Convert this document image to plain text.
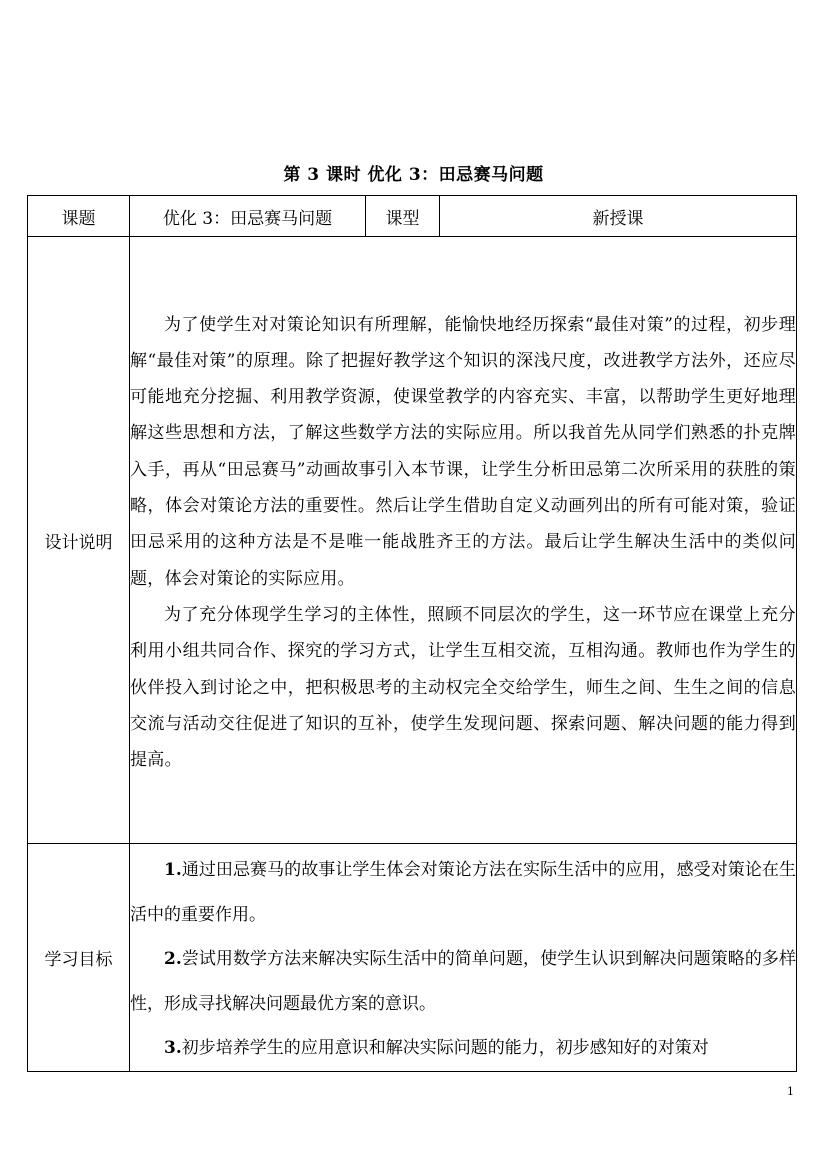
第 3 课时 优化 3：田忌赛马问题
课题	优化 3：田忌赛马问题	课型	新授课
设计说明	为了使学生对对策论知识有所理解，能愉快地经历探索“最佳对策”的过程，初步理解“最佳对策”的原理。除了把握好教学这个知识的深浅尺度，改进教学方法外，还应尽可能地充分挖掘、利用教学资源，使课堂教学的内容充实、丰富，以帮助学生更好地理解这些思想和方法，了解这些数学方法的实际应用。所以我首先从同学们熟悉的扑克牌入手，再从“田忌赛马”动画故事引入本节课，让学生分析田忌第二次所采用的获胜的策略，体会对策论方法的重要性。然后让学生借助自定义动画列出的所有可能对策，验证田忌采用的这种方法是不是唯一能战胜齐王的方法。最后让学生解决生活中的类似问题，体会对策论的实际应用。

为了充分体现学生学习的主体性，照顾不同层次的学生，这一环节应在课堂上充分利用小组共同合作、探究的学习方式，让学生互相交流，互相沟通。教师也作为学生的伙伴投入到讨论之中，把积极思考的主动权完全交给学生，师生之间、生生之间的信息交流与活动交往促进了知识的互补，使学生发现问题、探索问题、解决问题的能力得到提高。		

学习目标	1.通过田忌赛马的故事让学生体会对策论方法在实际生活中的应用，感受对策论在生活中的重要作用。

2.尝试用数学方法来解决实际生活中的简单问题，使学生认识到解决问题策略的多样性，形成寻找解决问题最优方案的意识。

3.初步培养学生的应用意识和解决实际问题的能力，初步感知好的对策对		

1
